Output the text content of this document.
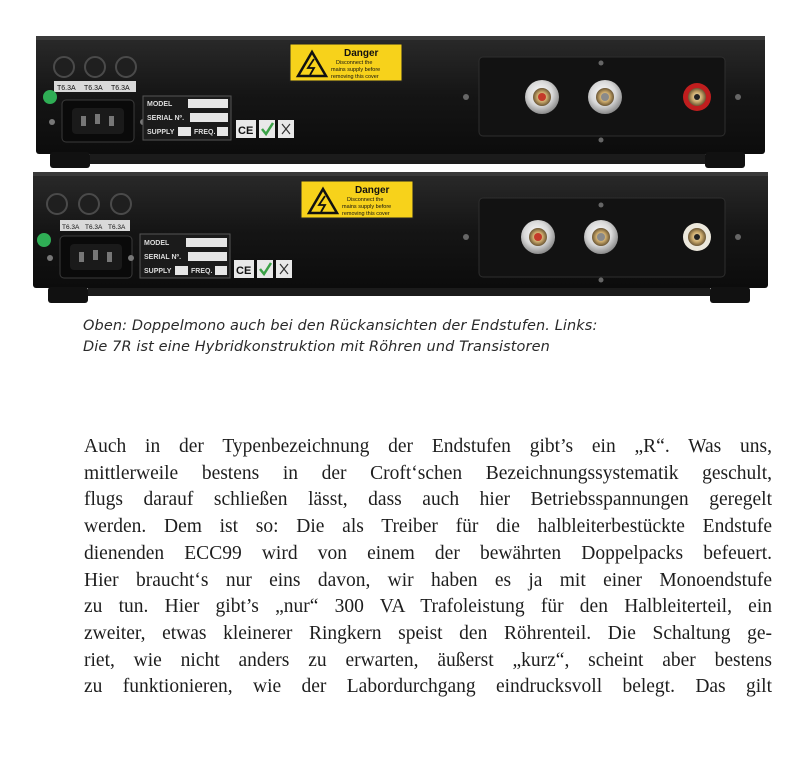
T6.3A T6.3A T6.3A
MODEL
SERIAL Nº.
SUPPLY	FREQ. CE
Danger
Disconnect the
mains supply before
removing this cover
T6.3A T6.3A T6.3A
MODEL
SERIAL Nº.
SUPPLY	FREQ. CE
Danger
Disconnect the
mains supply before
removing this cover
Oben: Doppelmono auch bei den Rückansichten der Endstufen. Links:
Die 7R ist eine Hybridkonstruktion mit Röhren und Transistoren
Auch in der Typenbezeichnung der Endstufen gibt’s ein „R“. Was uns,
mittlerweile bestens in der Croft‘schen Bezeichnungssystematik geschult,
flugs darauf schließen lässt, dass auch hier Betriebsspannungen geregelt
werden. Dem ist so: Die als Treiber für die halbleiterbestückte Endstufe
dienenden ECC99 wird von einem der bewährten Doppelpacks befeuert.
Hier braucht‘s nur eins davon, wir haben es ja mit einer Monoendstufe
zu tun. Hier gibt’s „nur“ 300 VA Trafoleistung für den Halbleiterteil, ein
zweiter, etwas kleinerer Ringkern speist den Röhrenteil. Die Schaltung ge-
riet, wie nicht anders zu erwarten, äußerst „kurz“, scheint aber bestens
zu funktionieren, wie der Labordurchgang eindrucksvoll belegt. Das gilt
